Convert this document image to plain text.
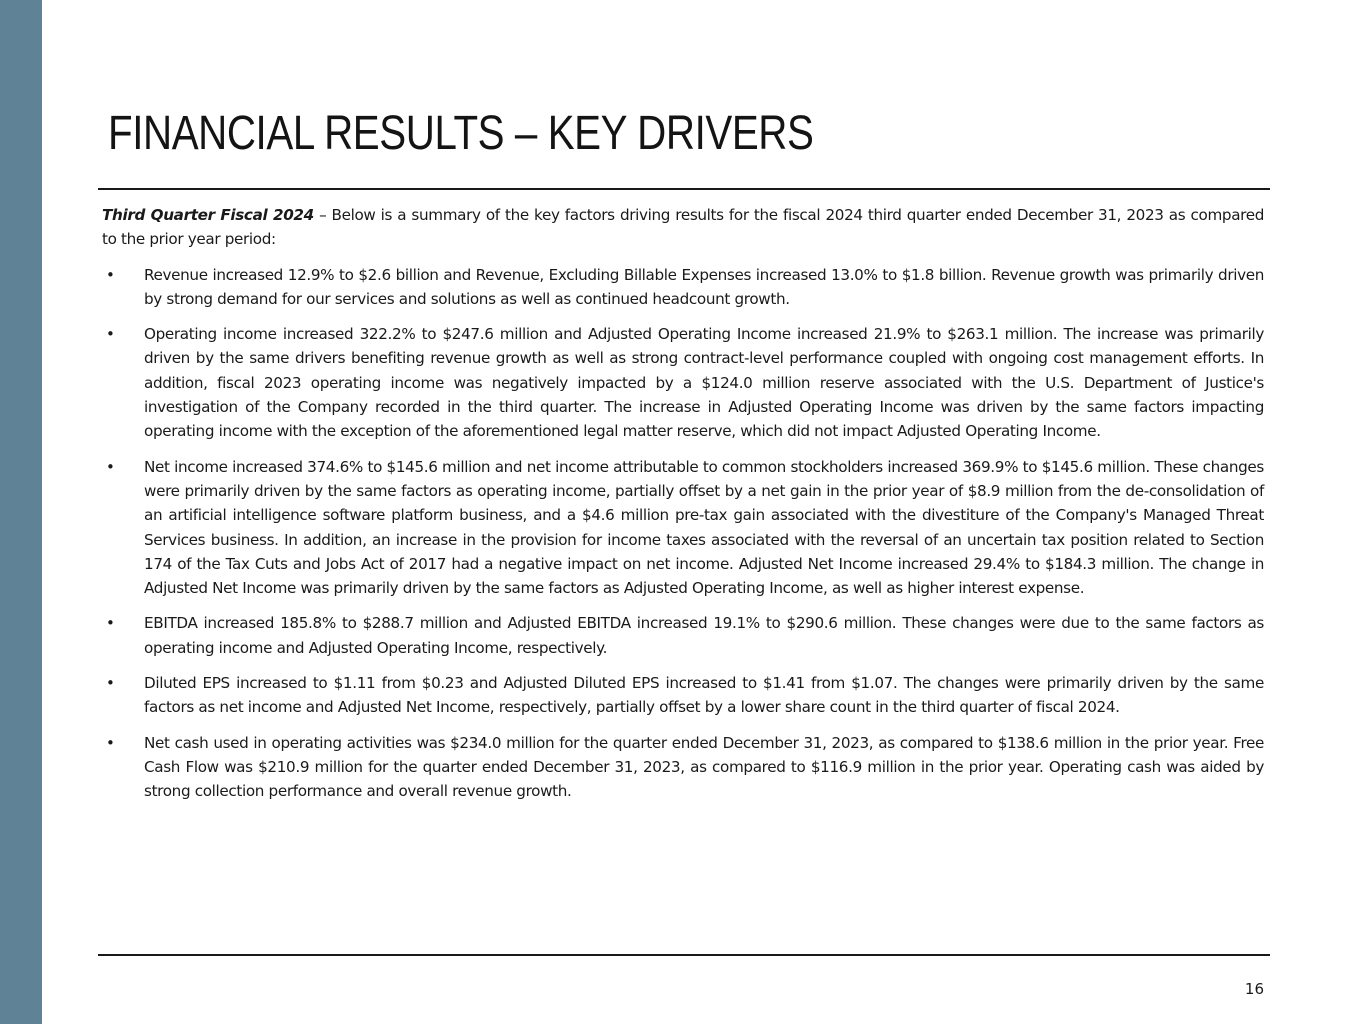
FINANCIAL RESULTS – KEY DRIVERS

Third Quarter Fiscal 2024 – Below is a summary of the key factors driving results for the fiscal 2024 third quarter ended December 31, 2023 as compared to the prior year period:

• Revenue increased 12.9% to $2.6 billion and Revenue, Excluding Billable Expenses increased 13.0% to $1.8 billion. Revenue growth was primarily driven by strong demand for our services and solutions as well as continued headcount growth.
• Operating income increased 322.2% to $247.6 million and Adjusted Operating Income increased 21.9% to $263.1 million. The increase was primarily driven by the same drivers benefiting revenue growth as well as strong contract-level performance coupled with ongoing cost management efforts. In addition, fiscal 2023 operating income was negatively impacted by a $124.0 million reserve associated with the U.S. Department of Justice's investigation of the Company recorded in the third quarter. The increase in Adjusted Operating Income was driven by the same factors impacting operating income with the exception of the aforementioned legal matter reserve, which did not impact Adjusted Operating Income.
• Net income increased 374.6% to $145.6 million and net income attributable to common stockholders increased 369.9% to $145.6 million. These changes were primarily driven by the same factors as operating income, partially offset by a net gain in the prior year of $8.9 million from the de-consolidation of an artificial intelligence software platform business, and a $4.6 million pre-tax gain associated with the divestiture of the Company's Managed Threat Services business. In addition, an increase in the provision for income taxes associated with the reversal of an uncertain tax position related to Section 174 of the Tax Cuts and Jobs Act of 2017 had a negative impact on net income. Adjusted Net Income increased 29.4% to $184.3 million. The change in Adjusted Net Income was primarily driven by the same factors as Adjusted Operating Income, as well as higher interest expense.
• EBITDA increased 185.8% to $288.7 million and Adjusted EBITDA increased 19.1% to $290.6 million. These changes were due to the same factors as operating income and Adjusted Operating Income, respectively.
• Diluted EPS increased to $1.11 from $0.23 and Adjusted Diluted EPS increased to $1.41 from $1.07. The changes were primarily driven by the same factors as net income and Adjusted Net Income, respectively, partially offset by a lower share count in the third quarter of fiscal 2024.
• Net cash used in operating activities was $234.0 million for the quarter ended December 31, 2023, as compared to $138.6 million in the prior year. Free Cash Flow was $210.9 million for the quarter ended December 31, 2023, as compared to $116.9 million in the prior year. Operating cash was aided by strong collection performance and overall revenue growth.
16
